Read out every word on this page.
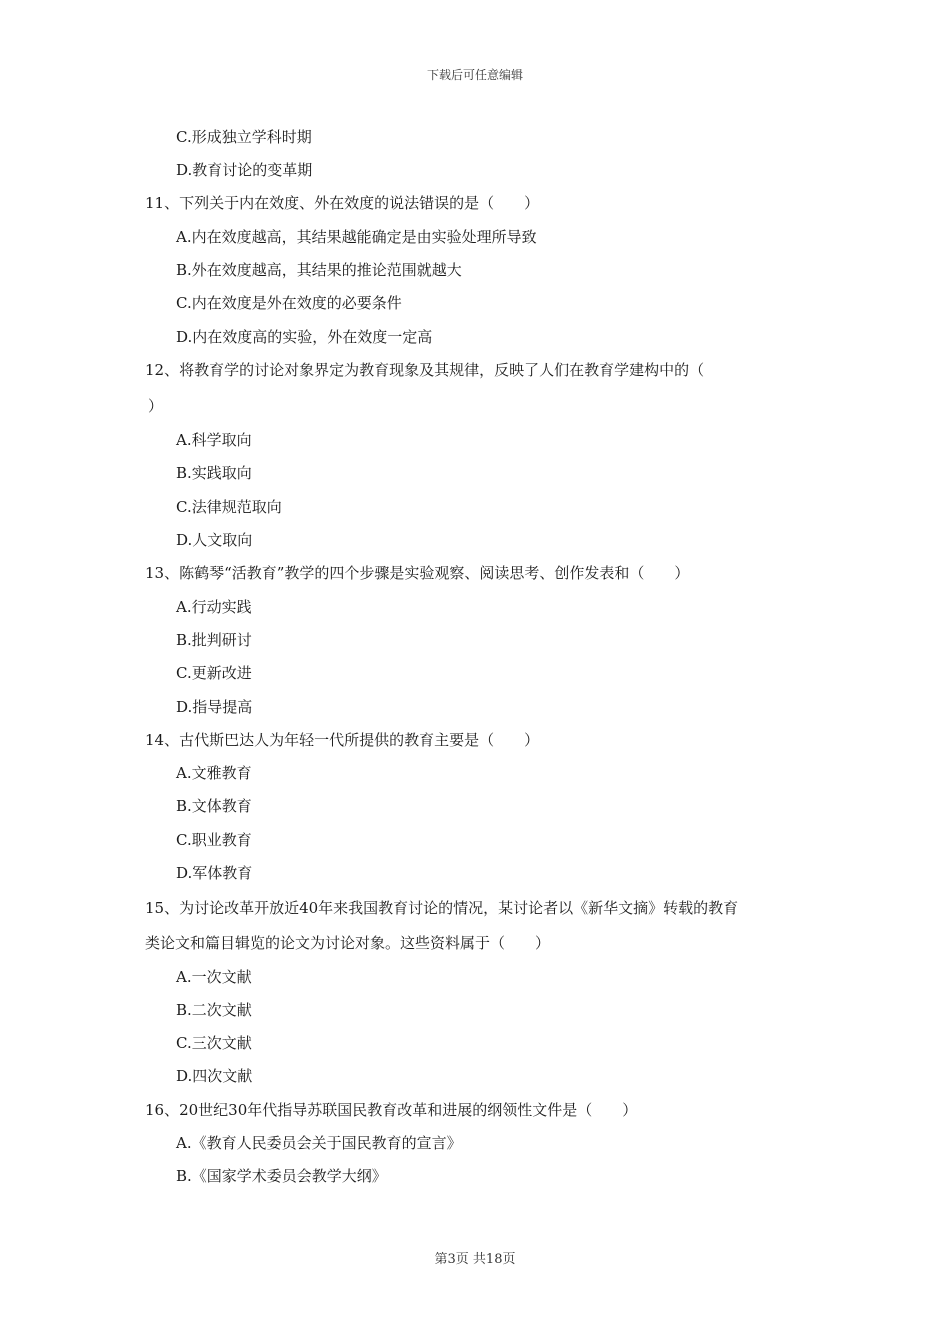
下载后可任意编辑
C.形成独立学科时期
D.教育讨论的变革期
11、下列关于内在效度、外在效度的说法错误的是（　　）
A.内在效度越高，其结果越能确定是由实验处理所导致
B.外在效度越高，其结果的推论范围就越大
C.内在效度是外在效度的必要条件
D.内在效度高的实验，外在效度一定高
12、将教育学的讨论对象界定为教育现象及其规律，反映了人们在教育学建构中的（
）
A.科学取向
B.实践取向
C.法律规范取向
D.人文取向
13、陈鹤琴“活教育”教学的四个步骤是实验观察、阅读思考、创作发表和（　　）
A.行动实践
B.批判研讨
C.更新改进
D.指导提高
14、古代斯巴达人为年轻一代所提供的教育主要是（　　）
A.文雅教育
B.文体教育
C.职业教育
D.军体教育
15、为讨论改革开放近40年来我国教育讨论的情况，某讨论者以《新华文摘》转载的教育
类论文和篇目辑览的论文为讨论对象。这些资料属于（　　）
A.一次文献
B.二次文献
C.三次文献
D.四次文献
16、20世纪30年代指导苏联国民教育改革和进展的纲领性文件是（　　）
A.《教育人民委员会关于国民教育的宣言》
B.《国家学术委员会教学大纲》
第3页 共18页
